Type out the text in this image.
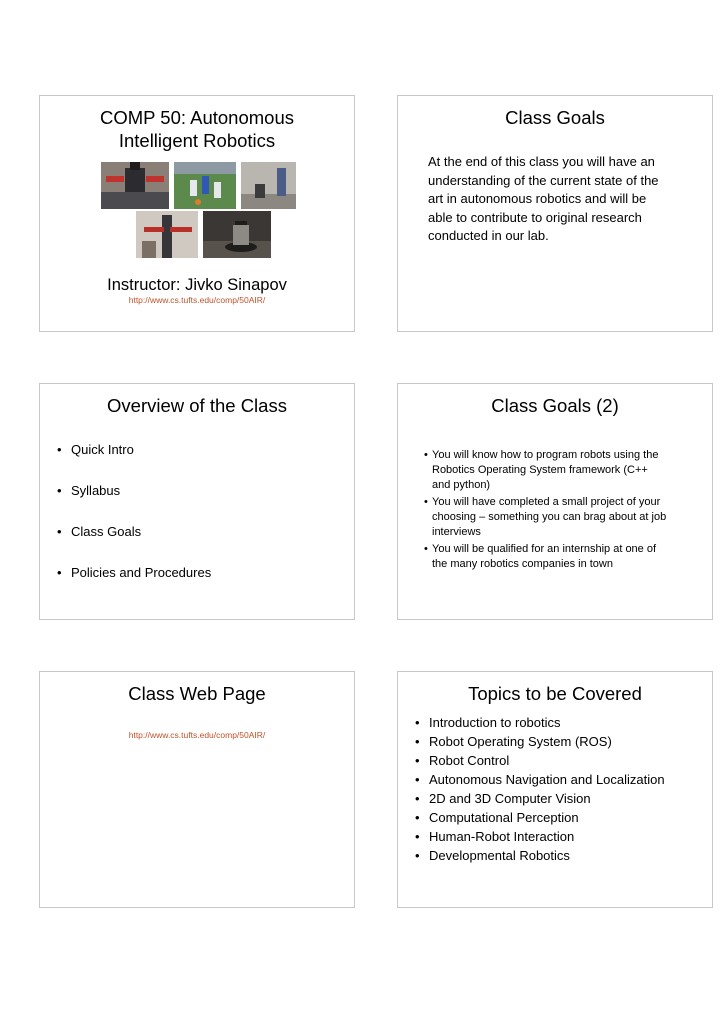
COMP 50: Autonomous
Intelligent Robotics
Instructor: Jivko Sinapov
http://www.cs.tufts.edu/comp/50AIR/
Class Goals
At the end of this class you will have an
understanding of the current state of the
art in autonomous robotics and will be
able to contribute to original research
conducted in our lab.
Overview of the Class
• Quick Intro
• Syllabus
• Class Goals
• Policies and Procedures
Class Goals (2)
• You will know how to program robots using the
Robotics Operating System framework (C++
and python)
• You will have completed a small project of your
choosing – something you can brag about at job
interviews
• You will be qualified for an internship at one of
the many robotics companies in town
Class Web Page
http://www.cs.tufts.edu/comp/50AIR/
Topics to be Covered
• Introduction to robotics
• Robot Operating System (ROS)
• Robot Control
• Autonomous Navigation and Localization
• 2D and 3D Computer Vision
• Computational Perception
• Human-Robot Interaction
• Developmental Robotics
